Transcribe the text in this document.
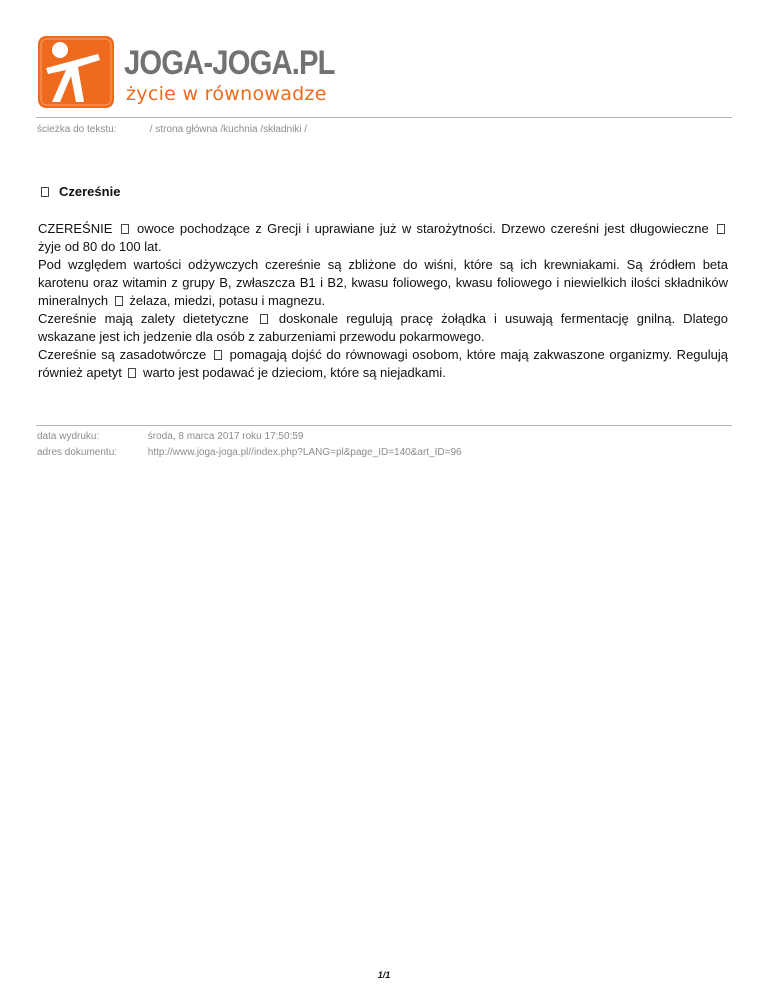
JOGA-JOGA.PL
życie w równowadze
ścieżka do tekstu:	/ strona główna /kuchnia /składniki /
Czereśnie

CZEREŚNIE  owoce pochodzące z Grecji i uprawiane już w starożytności. Drzewo czereśni jest długowieczne  żyje od 80 do 100 lat.

Pod względem wartości odżywczych czereśnie są zbliżone do wiśni, które są ich krewniakami. Są źródłem beta karotenu oraz witamin z grupy B, zwłaszcza B1 i B2, kwasu foliowego, kwasu foliowego i niewielkich ilości składników mineralnych  żelaza, miedzi, potasu i magnezu.

Czereśnie mają zalety dietetyczne  doskonale regulują pracę żołądka i usuwają fermentację gnilną. Dlatego wskazane jest ich jedzenie dla osób z zaburzeniami przewodu pokarmowego.

Czereśnie są zasadotwórcze  pomagają dojść do równowagi osobom, które mają zakwaszone organizmy. Regulują również apetyt  warto jest podawać je dzieciom, które są niejadkami.

data wydruku:	środa, 8 marca 2017 roku 17:50:59
adres dokumentu:	http://www.joga-joga.pl//index.php?LANG=pl&page_ID=140&art_ID=96
1/1
